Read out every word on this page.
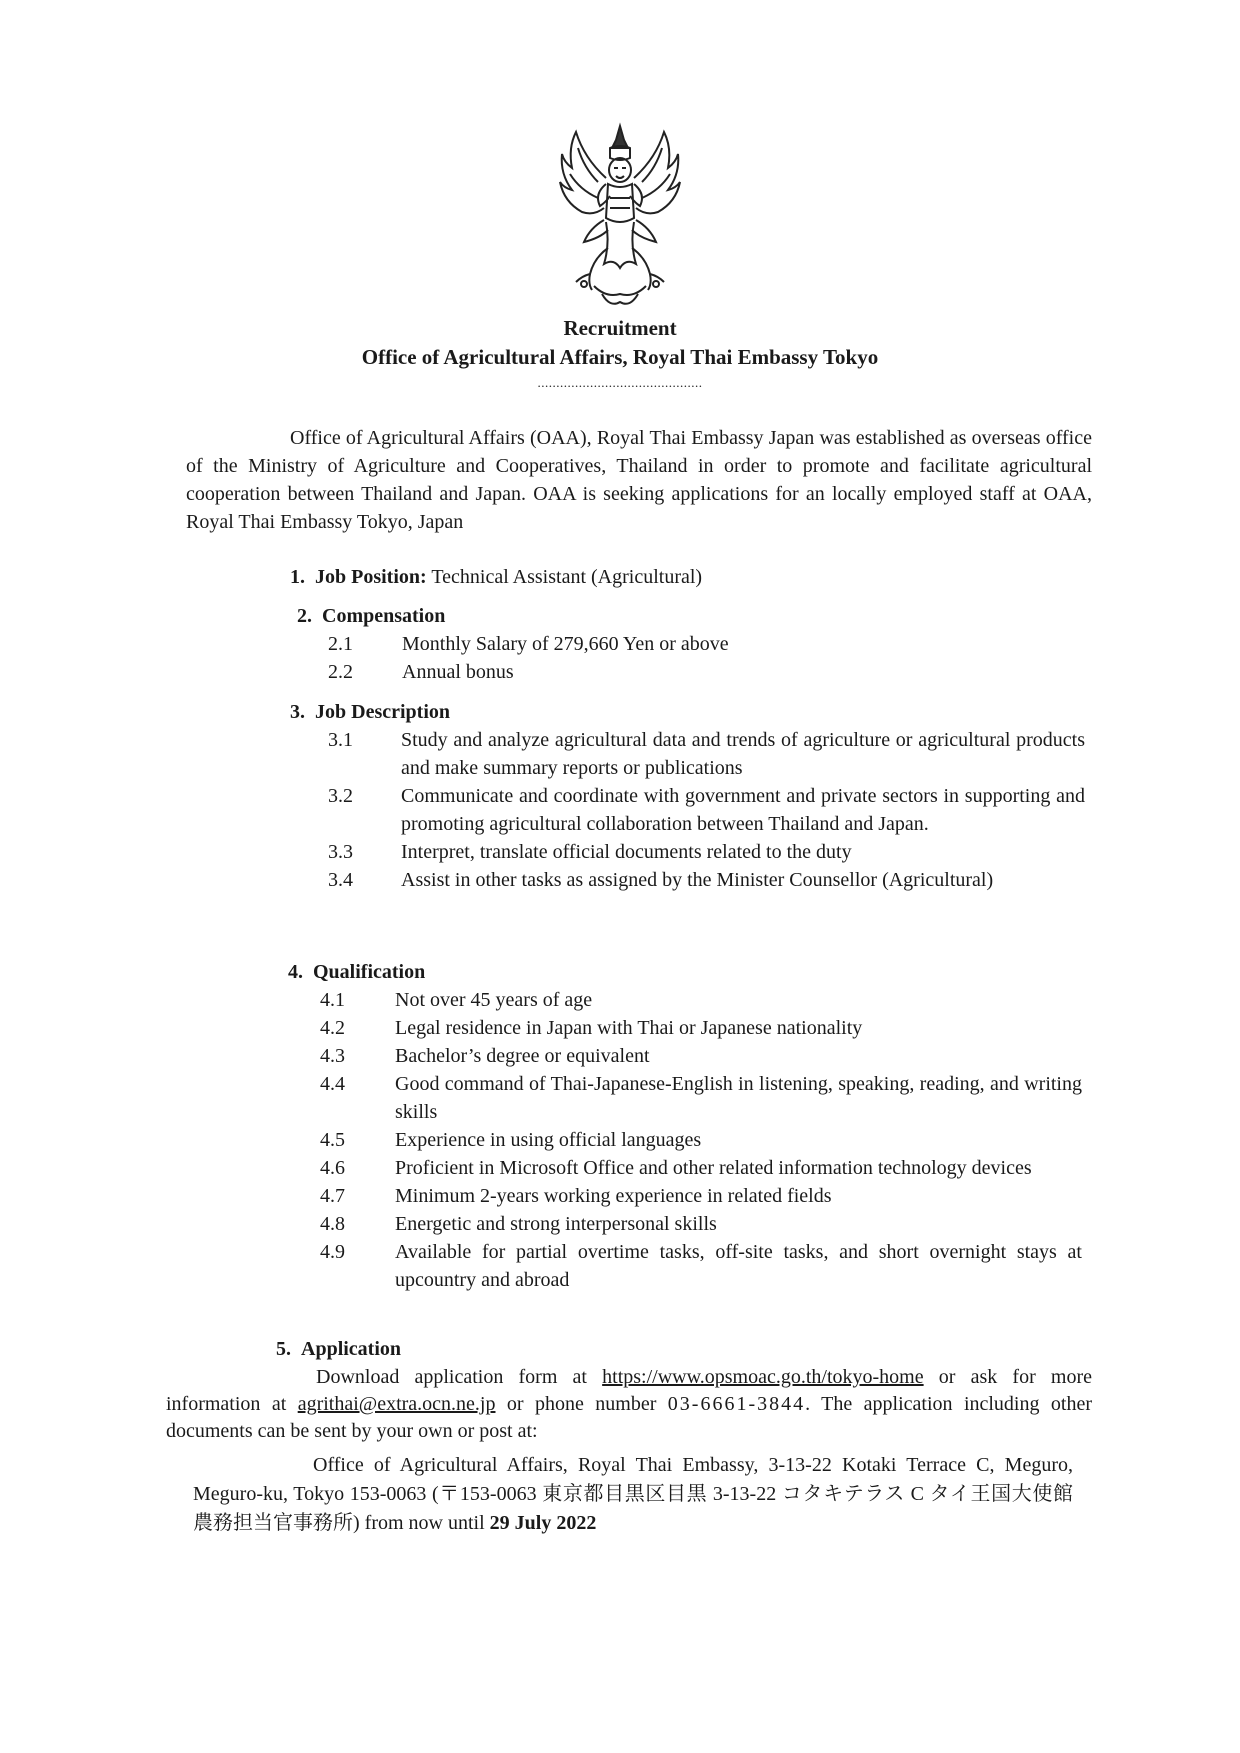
Recruitment
Office of Agricultural Affairs, Royal Thai Embassy Tokyo
............................................
Office of Agricultural Affairs (OAA), Royal Thai Embassy Japan was established as overseas office of the Ministry of Agriculture and Cooperatives, Thailand in order to promote and facilitate agricultural cooperation between Thailand and Japan. OAA is seeking applications for an locally employed staff at OAA, Royal Thai Embassy Tokyo, Japan
1. Job Position: Technical Assistant (Agricultural)
2. Compensation
2.1	Monthly Salary of 279,660 Yen or above
2.2	Annual bonus
3. Job Description
3.1	Study and analyze agricultural data and trends of agriculture or agricultural products and make summary reports or publications
3.2	Communicate and coordinate with government and private sectors in supporting and promoting agricultural collaboration between Thailand and Japan.
3.3	Interpret, translate official documents related to the duty
3.4	Assist in other tasks as assigned by the Minister Counsellor (Agricultural)
4. Qualification
4.1	Not over 45 years of age
4.2	Legal residence in Japan with Thai or Japanese nationality
4.3	Bachelor’s degree or equivalent
4.4	Good command of Thai-Japanese-English in listening, speaking, reading, and writing skills
4.5	Experience in using official languages
4.6	Proficient in Microsoft Office and other related information technology devices
4.7	Minimum 2-years working experience in related fields
4.8	Energetic and strong interpersonal skills
4.9	Available for partial overtime tasks, off-site tasks, and short overnight stays at upcountry and abroad
5. Application
Download application form at https://www.opsmoac.go.th/tokyo-home or ask for more information at agrithai@extra.ocn.ne.jp or phone number 03-6661-3844. The application including other documents can be sent by your own or post at:
Office of Agricultural Affairs, Royal Thai Embassy, 3-13-22 Kotaki Terrace C, Meguro, Meguro-ku, Tokyo 153-0063 (〒153-0063 東京都目黒区目黒 3-13-22 コタキテラス C タイ王国大使館農務担当官事務所) from now until 29 July 2022
